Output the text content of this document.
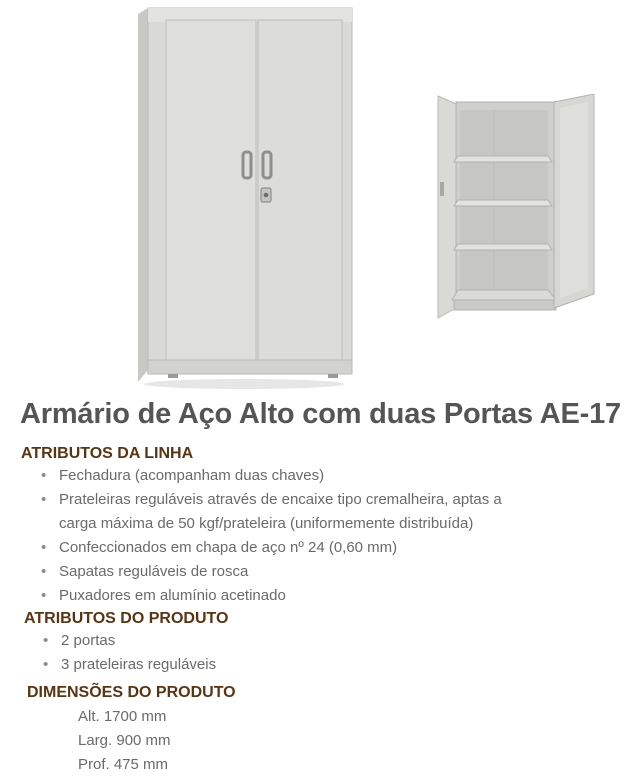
Armário de Aço Alto com duas Portas AE-17
ATRIBUTOS DA LINHA
• Fechadura (acompanham duas chaves)
• Prateleiras reguláveis através de encaixe tipo cremalheira, aptas a carga máxima de 50 kgf/prateleira (uniformemente distribuída)
• Confeccionados em chapa de aço nº 24 (0,60 mm)
• Sapatas reguláveis de rosca
• Puxadores em alumínio acetinado
ATRIBUTOS DO PRODUTO
• 2 portas
• 3 prateleiras reguláveis
DIMENSÕES DO PRODUTO
Alt. 1700 mm
Larg. 900 mm
Prof. 475 mm
